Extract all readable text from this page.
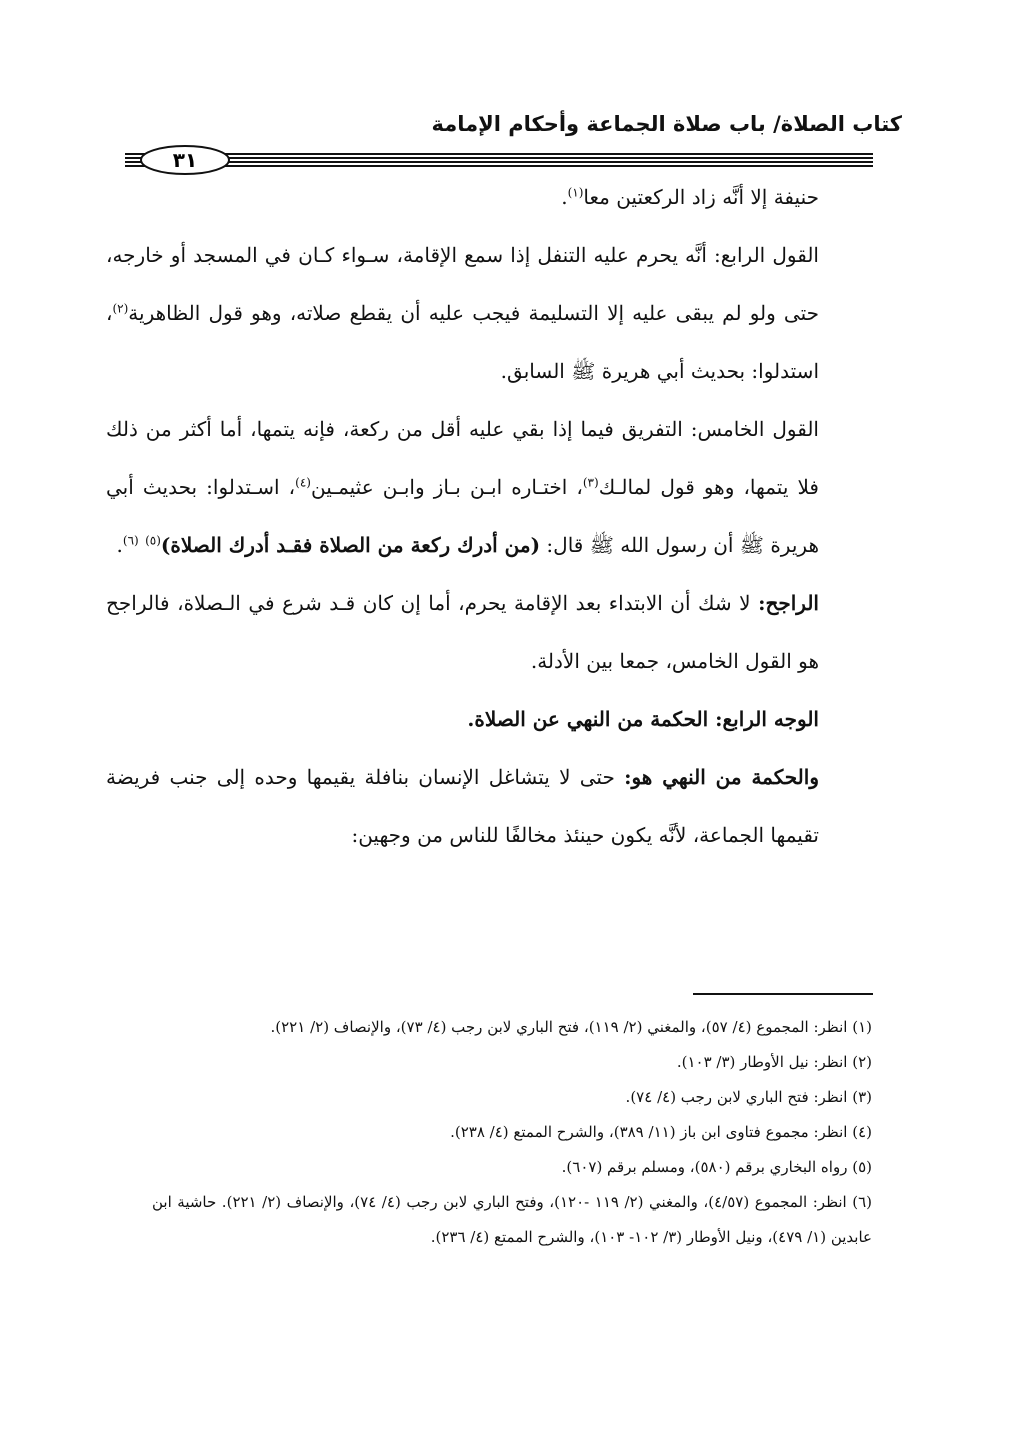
كتاب الصلاة/ باب صلاة الجماعة وأحكام الإمامة
٣١

حنيفة إلا أنَّه زاد الركعتين معا$^{(١)}$.

القول الرابع: أنَّه يحرم عليه التنفل إذا سمع الإقامة، سـواء كـان في المسجد أو خارجه، حتى ولو لم يبقى عليه إلا التسليمة فيجب عليه أن يقطع صلاته، وهو قول الظاهرية$^{(٢)}$، استدلوا: بحديث أبي هريرة ﷺ السابق.

القول الخامس: التفريق فيما إذا بقي عليه أقل من ركعة، فإنه يتمها، أما أكثر من ذلك فلا يتمها، وهو قول لمالـك$^{(٣)}$، اختـاره ابـن بـاز وابـن عثيمـين$^{(٤)}$، اسـتدلوا: بحديث أبي هريرة ﷺ أن رسول الله ﷺ قال: (من أدرك ركعة من الصلاة فقـد أدرك الصلاة)$^{(٥)}$ $^{(٦)}$.

الراجح: لا شك أن الابتداء بعد الإقامة يحرم، أما إن كان قـد شرع في الـصلاة، فالراجح هو القول الخامس، جمعا بين الأدلة.

الوجه الرابع: الحكمة من النهي عن الصلاة.

والحكمة من النهي هو: حتى لا يتشاغل الإنسان بنافلة يقيمها وحده إلى جنب فريضة تقيمها الجماعة، لأنَّه يكون حينئذ مخالفًا للناس من وجهين:

(١) انظر: المجموع (٤/ ٥٧)، والمغني (٢/ ١١٩)، فتح الباري لابن رجب (٤/ ٧٣)، والإنصاف (٢/ ٢٢١).

(٢) انظر: نيل الأوطار (٣/ ١٠٣).

(٣) انظر: فتح الباري لابن رجب (٤/ ٧٤).

(٤) انظر: مجموع فتاوى ابن باز (١١/ ٣٨٩)، والشرح الممتع (٤/ ٢٣٨).

(٥) رواه البخاري برقم (٥٨٠)، ومسلم برقم (٦٠٧).

(٦) انظر: المجموع (٤/٥٧)، والمغني (٢/ ١١٩ -١٢٠)، وفتح الباري لابن رجب (٤/ ٧٤)، والإنصاف (٢/ ٢٢١). حاشية ابن عابدين (١/ ٤٧٩)، ونيل الأوطار (٣/ ١٠٢- ١٠٣)، والشرح الممتع (٤/ ٢٣٦).
